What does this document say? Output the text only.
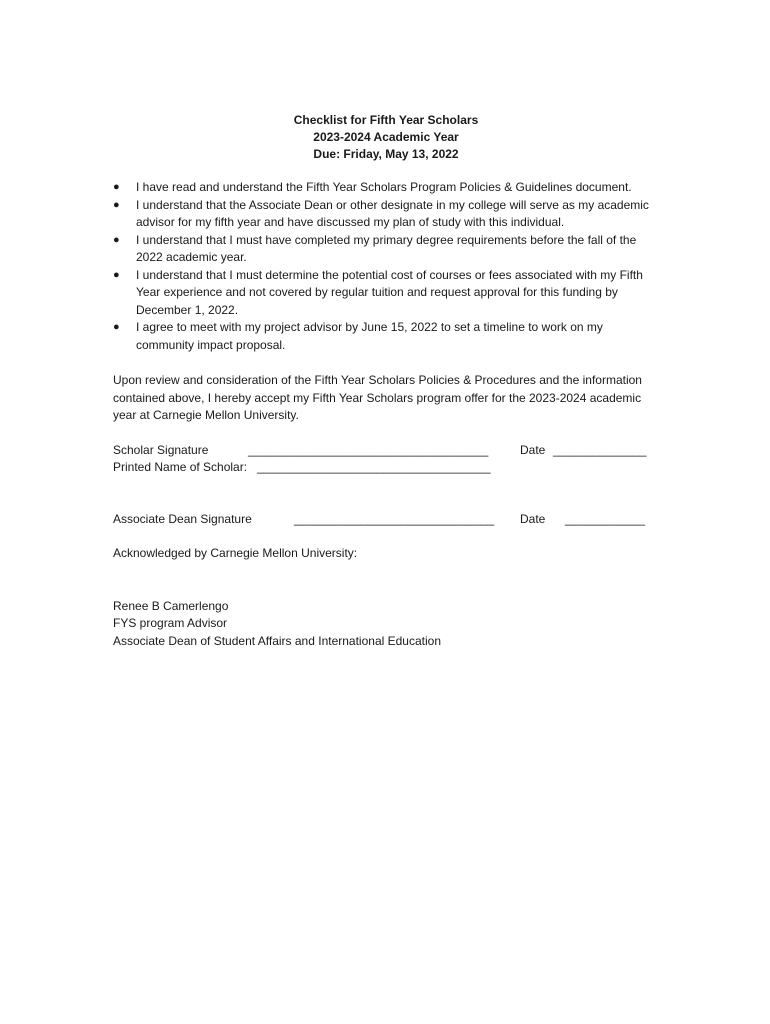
Checklist for Fifth Year Scholars
2023-2024 Academic Year
Due: Friday, May 13, 2022
● I have read and understand the Fifth Year Scholars Program Policies & Guidelines document.
● I understand that the Associate Dean or other designate in my college will serve as my academic advisor for my fifth year and have discussed my plan of study with this individual.
● I understand that I must have completed my primary degree requirements before the fall of the 2022 academic year.
● I understand that I must determine the potential cost of courses or fees associated with my Fifth Year experience and not covered by regular tuition and request approval for this funding by December 1, 2022.
● I agree to meet with my project advisor by June 15, 2022 to set a timeline to work on my community impact proposal.
Upon review and consideration of the Fifth Year Scholars Policies & Procedures and the information contained above, I hereby accept my Fifth Year Scholars program offer for the 2023-2024 academic year at Carnegie Mellon University.
Scholar Signature	____________________________________	Date ______________
Printed Name of Scholar: ___________________________________
Associate Dean Signature	______________________________ Date ____________
Acknowledged by Carnegie Mellon University:
Renee B Camerlengo
FYS program Advisor
Associate Dean of Student Affairs and International Education
